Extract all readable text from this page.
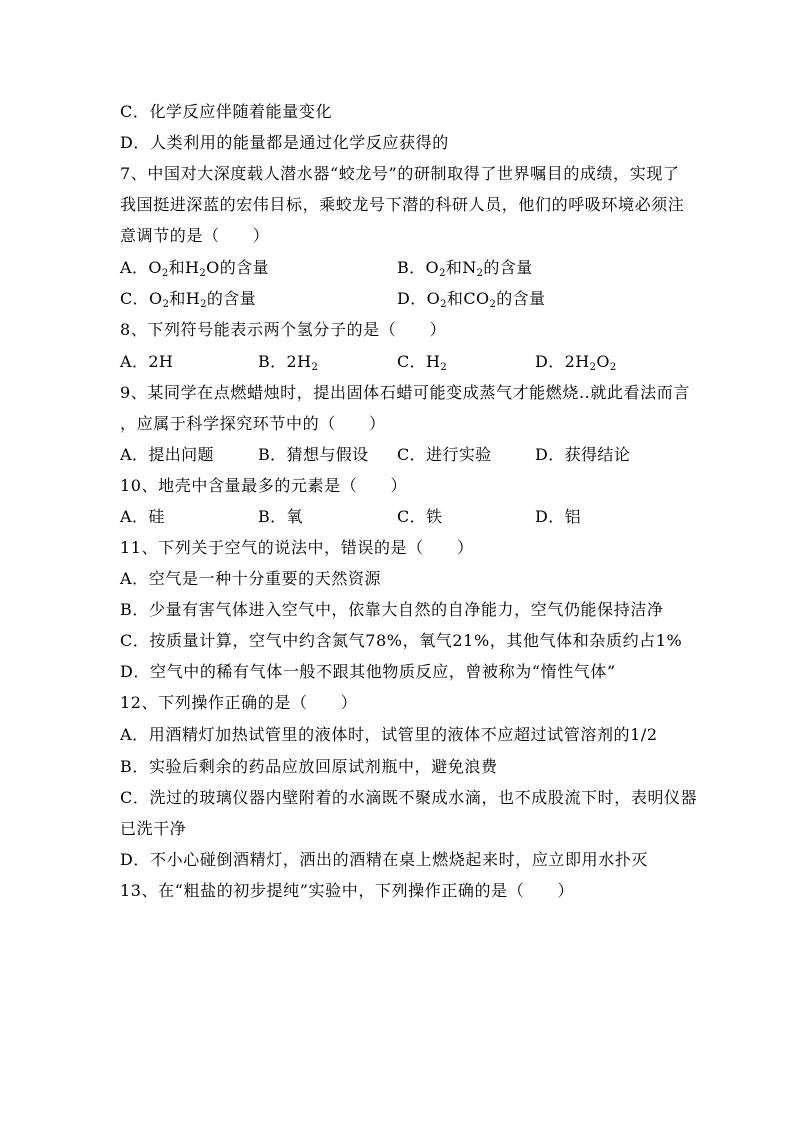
C．化学反应伴随着能量变化
D．人类利用的能量都是通过化学反应获得的
7、中国对大深度载人潜水器“蛟龙号”的研制取得了世界嘱目的成绩，实现了
我国挺进深蓝的宏伟目标，乘蛟龙号下潜的科研人员，他们的呼吸环境必须注
意调节的是（　　）
A．$O_2$和$H_2O$的含量	B．$O_2$和$N_2$的含量
C．$O_2$和$H_2$的含量	D．$O_2$和$CO_2$的含量
8、下列符号能表示两个氢分子的是（　　）
A．2H	B．$2H_2$	C．$H_2$	D．$2H_2O_2$
9、某同学在点燃蜡烛时，提出固体石蜡可能变成蒸气才能燃烧..就此看法而言
，应属于科学探究环节中的（　　）
A．提出问题	B．猜想与假设 C．进行实验	D．获得结论
10、地壳中含量最多的元素是（　　）
A．硅	B．氧	C．铁	D．铝
11、下列关于空气的说法中，错误的是（　　）
A．空气是一种十分重要的天然资源
B．少量有害气体进入空气中，依靠大自然的自净能力，空气仍能保持洁净
C．按质量计算，空气中约含氮气78%，氧气21%，其他气体和杂质约占1%
D．空气中的稀有气体一般不跟其他物质反应，曾被称为“惰性气体”
12、下列操作正确的是（　　）
A．用酒精灯加热试管里的液体时，试管里的液体不应超过试管溶剂的1/2
B．实验后剩余的药品应放回原试剂瓶中，避免浪费
C．洗过的玻璃仪器内壁附着的水滴既不聚成水滴，也不成股流下时，表明仪器
已洗干净
D．不小心碰倒酒精灯，洒出的酒精在桌上燃烧起来时，应立即用水扑灭
13、在“粗盐的初步提纯”实验中，下列操作正确的是（　　）
